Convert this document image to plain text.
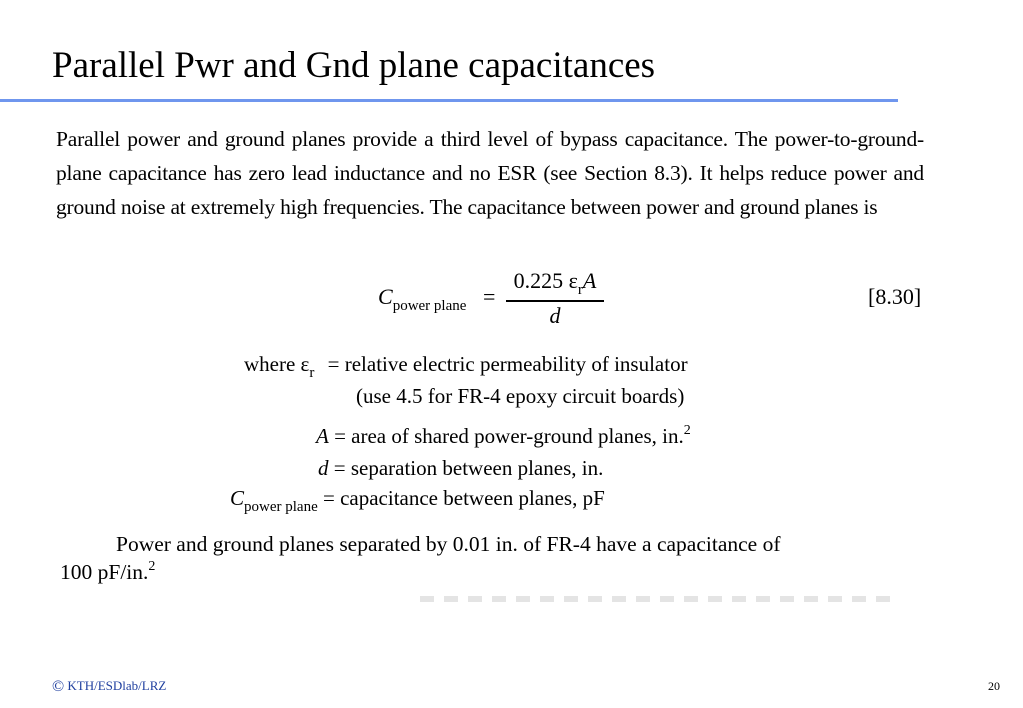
Parallel Pwr and Gnd plane capacitances
Parallel power and ground planes provide a third level of bypass capacitance. The power-to-ground-plane capacitance has zero lead inductance and no ESR (see Section 8.3). It helps reduce power and ground noise at extremely high frequencies. The capacitance between power and ground planes is
$C_{power plane}$ =
0.225 $\varepsilon_rA$
d
[8.30]
where $\varepsilon_r$ = relative electric permeability of insulator
(use 4.5 for FR-4 epoxy circuit boards)
A = area of shared power-ground planes, in.$^2$
d = separation between planes, in.
$C_{power plane}$ = capacitance between planes, pF
Power and ground planes separated by 0.01 in. of FR-4 have a capacitance of
100 pF/in.$^2$
© KTH/ESDlab/LRZ	20
